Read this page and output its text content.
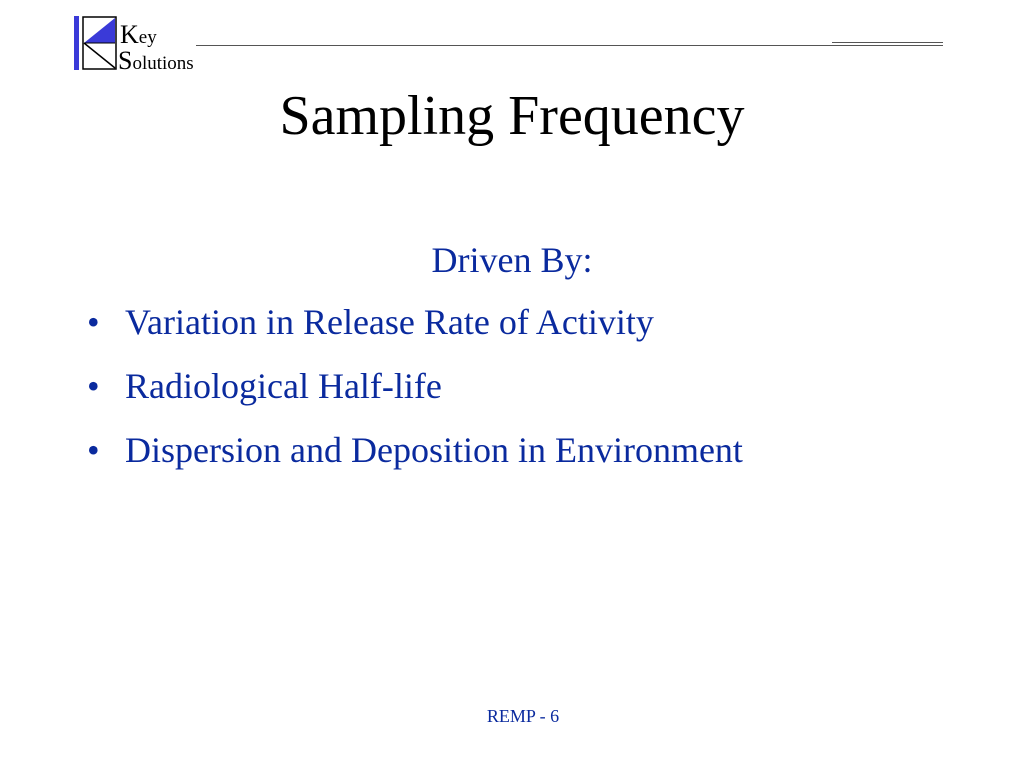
Key
Solutions
Sampling Frequency
Driven By:
• Variation in Release Rate of Activity
• Radiological Half-life
• Dispersion and Deposition in Environment
REMP - 6
